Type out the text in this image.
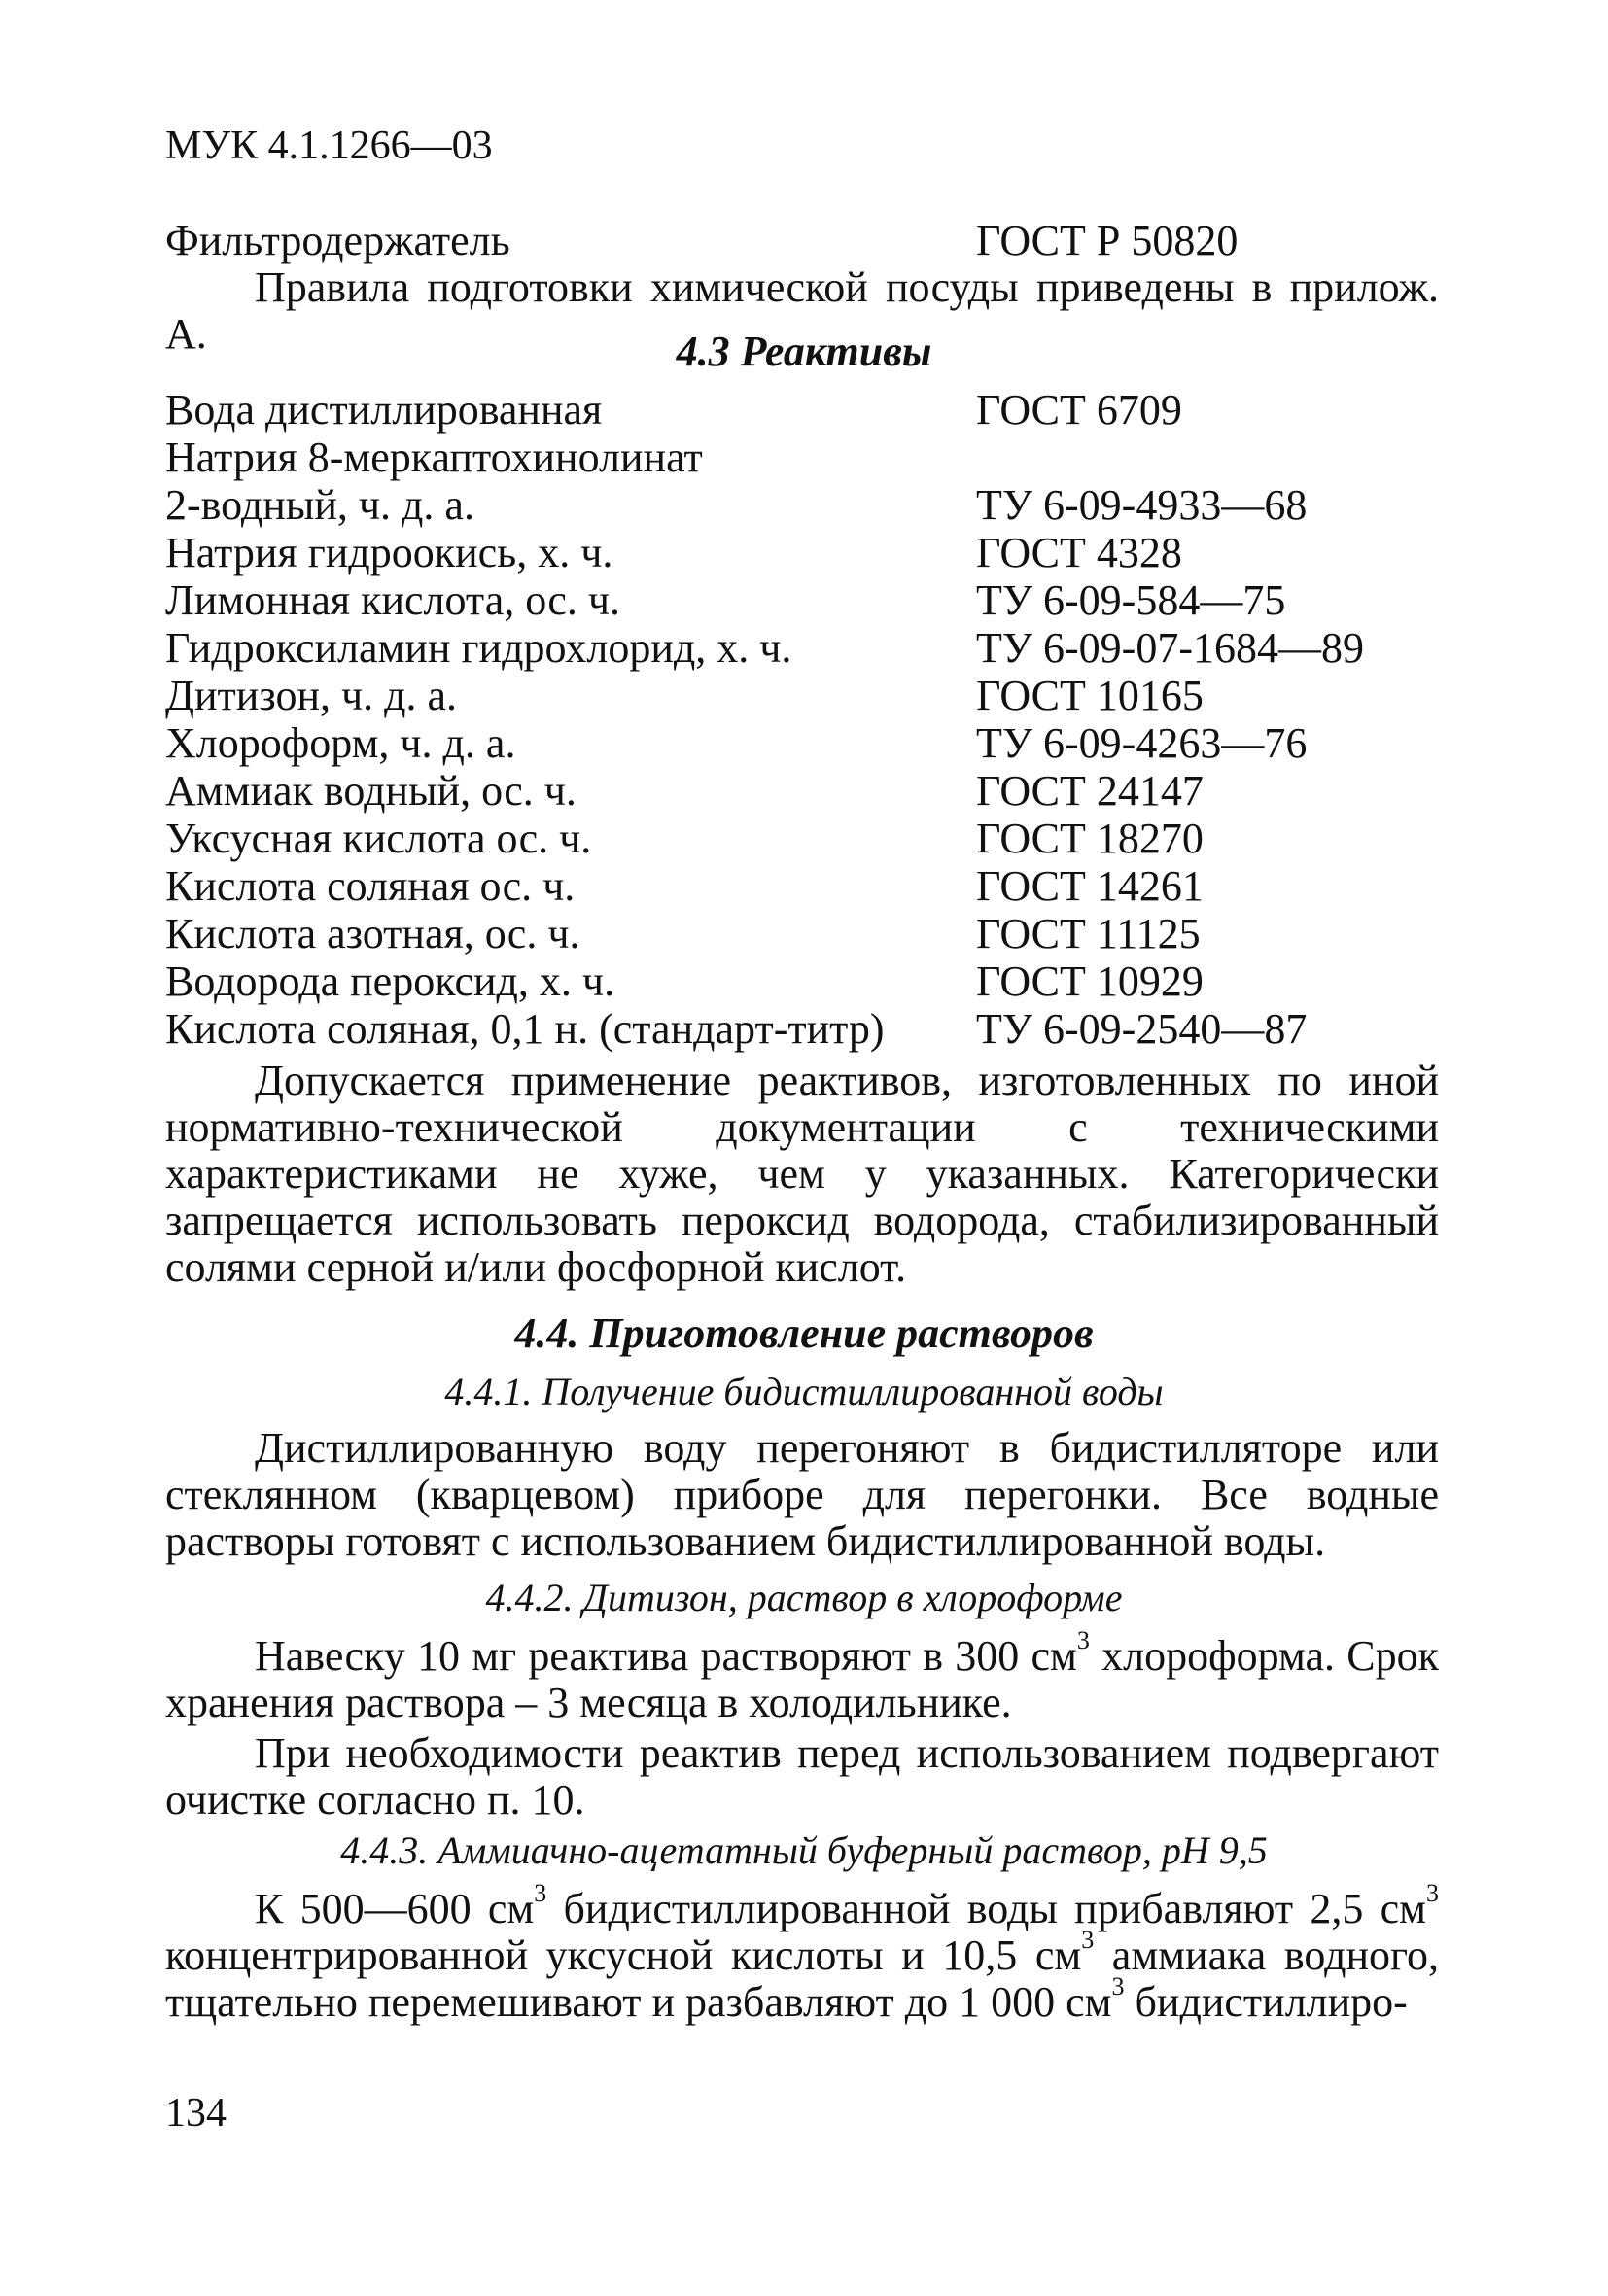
МУК 4.1.1266—03
Фильтродержатель	ГОСТ Р 50820
Правила подготовки химической посуды приведены в прилож. А.	4.3 Реактивы
Вода дистиллированная	ГОСТ 6709
Натрия 8-меркаптохинолинат
2-водный, ч. д. а.	ТУ 6-09-4933—68
Натрия гидроокись, х. ч.	ГОСТ 4328
Лимонная кислота, ос. ч.	ТУ 6-09-584—75
Гидроксиламин гидрохлорид, х. ч.	ТУ 6-09-07-1684—89
Дитизон, ч. д. а.	ГОСТ 10165
Хлороформ, ч. д. а.	ТУ 6-09-4263—76
Аммиак водный, ос. ч.	ГОСТ 24147
Уксусная кислота ос. ч.	ГОСТ 18270
Кислота соляная ос. ч.	ГОСТ 14261
Кислота азотная, ос. ч.	ГОСТ 11125
Водорода пероксид, х. ч.	ГОСТ 10929
Кислота соляная, 0,1 н. (стандарт-титр) ТУ 6-09-2540—87
Допускается применение реактивов, изготовленных по иной нормативно-технической документации с техническими характеристиками не хуже, чем у указанных. Категорически запрещается использовать пероксид водорода, стабилизированный солями серной и/или фосфорной кислот.
4.4. Приготовление растворов
4.4.1. Получение бидистиллированной воды
Дистиллированную воду перегоняют в бидистилляторе или стеклянном (кварцевом) приборе для перегонки. Все водные растворы готовят с использованием бидистиллированной воды.
4.4.2. Дитизон, раствор в хлороформе
Навеску 10 мг реактива растворяют в 300 $см^3$ хлороформа. Срок хранения раствора – 3 месяца в холодильнике.
При необходимости реактив перед использованием подвергают очистке согласно п. 10.
4.4.3. Аммиачно-ацетатный буферный раствор, pH 9,5
К 500—600 $см^3$ бидистиллированной воды прибавляют 2,5 $см^3$ концентрированной уксусной кислоты и 10,5 $см^3$ аммиака водного, тщательно перемешивают и разбавляют до 1 000 $см^3$ бидистиллиро-
134
